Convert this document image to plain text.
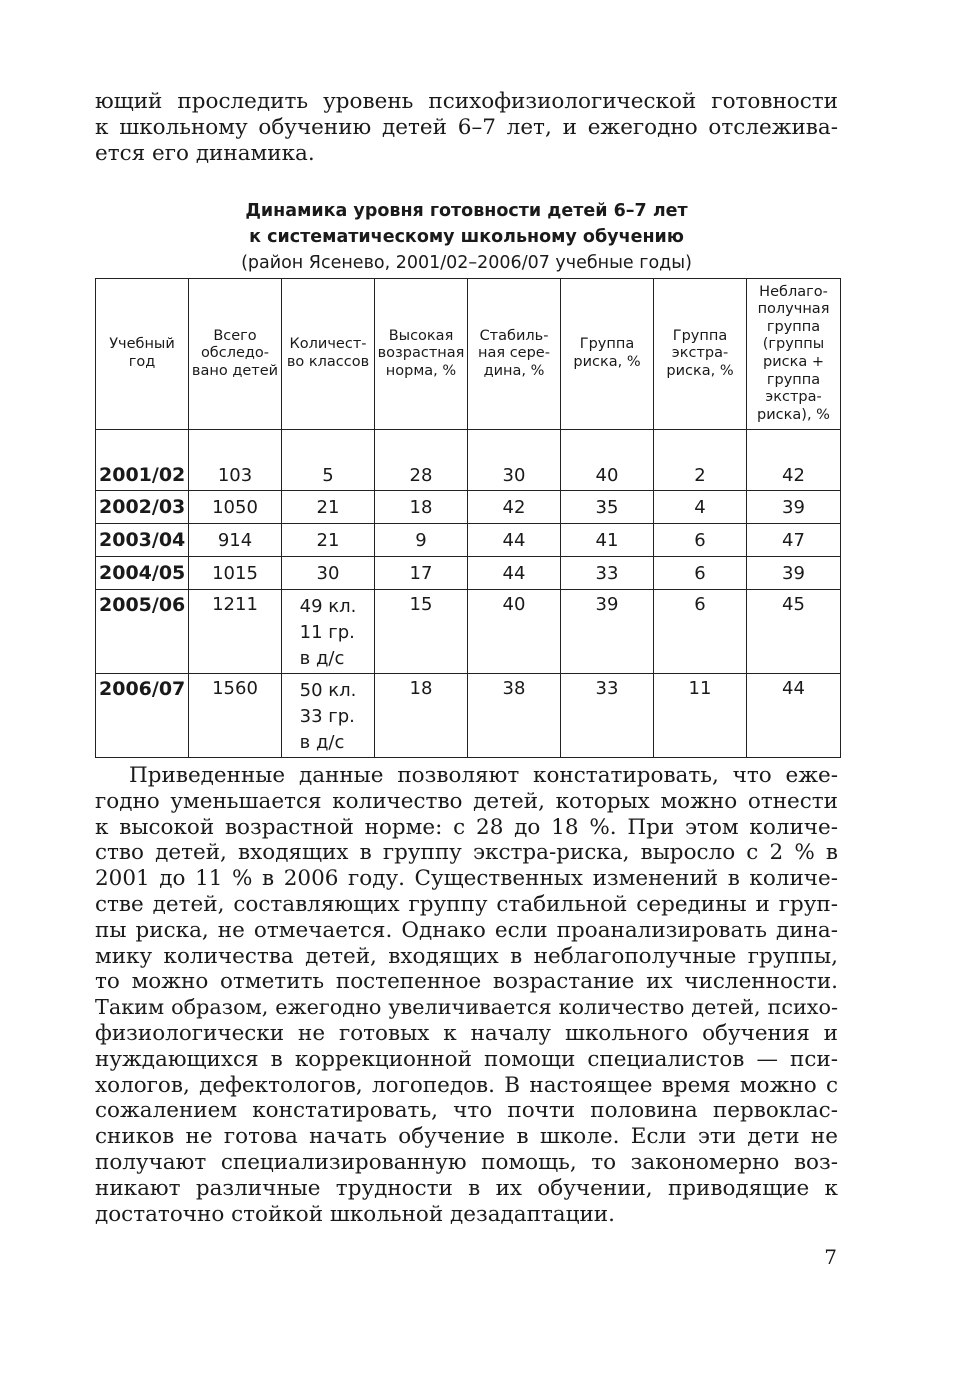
ющий проследить уровень психофизиологической готовности
к школьному обучению детей 6–7 лет, и ежегодно отслежива-
ется его динамика.
Динамика уровня готовности детей 6–7 лет
к систематическому школьному обучению
(район Ясенево, 2001/02–2006/07 учебные годы)
Учебный год	Всего обследо-вано детей	Количест-во классов	Высокая возрастная норма, %	Стабиль-ная сере-дина, %	Группа риска, %	Группа экстра-риска, %	Неблаго-получная группа (группы риска + группа экстра-риска), %
2001/02	103	5	28	30	40	2	42
2002/03	1050	21	18	42	35	4	39
2003/04	914	21	9	44	41	6	47
2004/05	1015	30	17	44	33	6	39
2005/06	1211	49 кл.
11 гр.
в д/с	15	40	39	6	45
2006/07	1560	50 кл.
33 гр.
в д/с	18	38	33	11	44
Приведенные данные позволяют констатировать, что еже-
годно уменьшается количество детей, которых можно отнести
к высокой возрастной норме: с 28 до 18 %. При этом количе-
ство детей, входящих в группу экстра-риска, выросло с 2 % в
2001 до 11 % в 2006 году. Существенных изменений в количе-
стве детей, составляющих группу стабильной середины и груп-
пы риска, не отмечается. Однако если проанализировать дина-
мику количества детей, входящих в неблагополучные группы,
то можно отметить постепенное возрастание их численности.
Таким образом, ежегодно увеличивается количество детей, психо-
физиологически не готовых к началу школьного обучения и
нуждающихся в коррекционной помощи специалистов — пси-
хологов, дефектологов, логопедов. В настоящее время можно с
сожалением констатировать, что почти половина первоклас-
сников не готова начать обучение в школе. Если эти дети не
получают специализированную помощь, то закономерно воз-
никают различные трудности в их обучении, приводящие к
достаточно стойкой школьной дезадаптации.
7
